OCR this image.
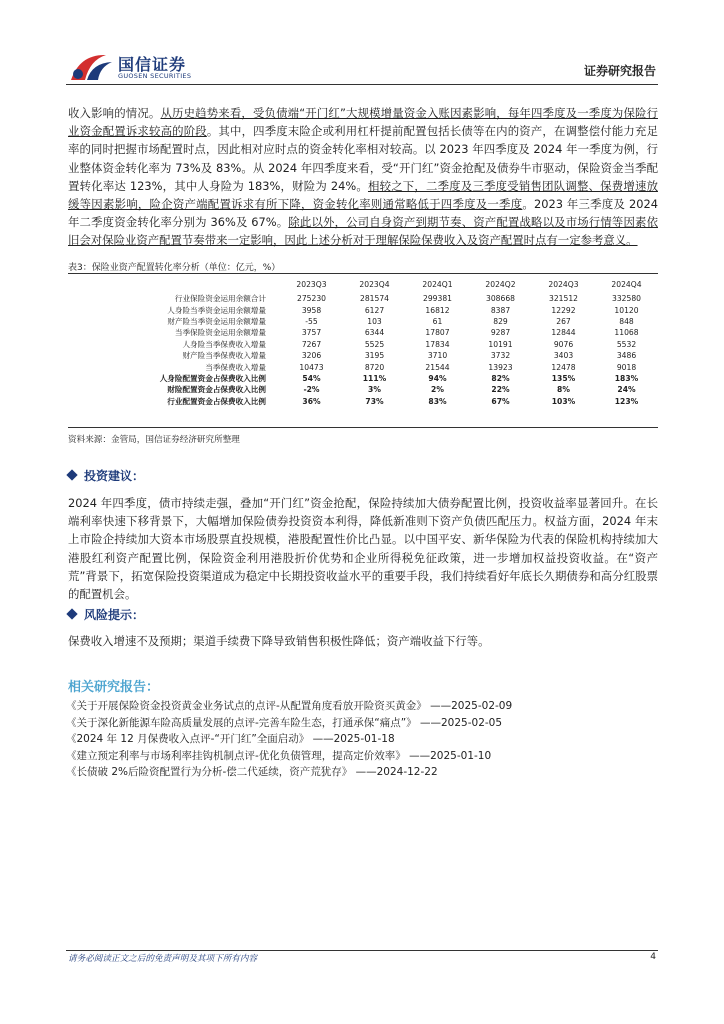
国信证券
GUOSEN SECURITIES	证券研究报告
收入影响的情况。从历史趋势来看，受负债端“开门红”大规模增量资金入账因素影响，每年四季度及一季度为保险行业资金配置诉求较高的阶段。其中，四季度末险企或利用杠杆提前配置包括长债等在内的资产，在调整偿付能力充足率的同时把握市场配置时点，因此相对应时点的资金转化率相对较高。以 2023 年四季度及 2024 年一季度为例，行业整体资金转化率为 73%及 83%。从 2024 年四季度来看，受“开门红”资金抢配及债券牛市驱动，保险资金当季配置转化率达 123%，其中人身险为 183%，财险为 24%。相较之下，二季度及三季度受销售团队调整、保费增速放缓等因素影响，险企资产端配置诉求有所下降，资金转化率则通常略低于四季度及一季度。2023 年三季度及 2024 年二季度资金转化率分别为 36%及 67%。除此以外，公司自身资产到期节奏、资产配置战略以及市场行情等因素依旧会对保险业资产配置节奏带来一定影响，因此上述分析对于理解保险保费收入及资产配置时点有一定参考意义。
表3：保险业资产配置转化率分析（单位：亿元，%）
	2023Q3	2023Q4	2024Q1	2024Q2	2024Q3	2024Q4
行业保险资金运用余额合计	275230	281574	299381	308668	321512	332580
人身险当季资金运用余额增量	3958	6127	16812	8387	12292	10120
财产险当季资金运用余额增量	-55	103	61	829	267	848
当季保险资金运用余额增量	3757	6344	17807	9287	12844	11068
人身险当季保费收入增量	7267	5525	17834	10191	9076	5532
财产险当季保费收入增量	3206	3195	3710	3732	3403	3486
当季保费收入增量	10473	8720	21544	13923	12478	9018
人身险配置资金占保费收入比例	54%	111%	94%	82%	135%	183%
财险配置资金占保费收入比例	-2%	3%	2%	22%	8%	24%
行业配置资金占保费收入比例	36%	73%	83%	67%	103%	123%
资料来源：金管局，国信证券经济研究所整理
投资建议：
2024 年四季度，债市持续走强，叠加“开门红”资金抢配，保险持续加大债券配置比例，投资收益率显著回升。在长端利率快速下移背景下，大幅增加保险债券投资资本利得，降低新准则下资产负债匹配压力。权益方面，2024 年末上市险企持续加大资本市场股票直投规模，港股配置性价比凸显。以中国平安、新华保险为代表的保险机构持续加大港股红利资产配置比例，保险资金利用港股折价优势和企业所得税免征政策，进一步增加权益投资收益。在“资产荒”背景下，拓宽保险投资渠道成为稳定中长期投资收益水平的重要手段，我们持续看好年底长久期债券和高分红股票的配置机会。
风险提示：
保费收入增速不及预期；渠道手续费下降导致销售积极性降低；资产端收益下行等。
相关研究报告：
《关于开展保险资金投资黄金业务试点的点评-从配置角度看放开险资买黄金》 ——2025-02-09
《关于深化新能源车险高质量发展的点评-完善车险生态，打通承保“痛点”》 ——2025-02-05
《2024 年 12 月保费收入点评-“开门红”全面启动》 ——2025-01-18
《建立预定利率与市场利率挂钩机制点评-优化负债管理，提高定价效率》 ——2025-01-10
《长债破 2%后险资配置行为分析-偿二代延续，资产荒犹存》 ——2024-12-22
请务必阅读正文之后的免责声明及其项下所有内容	4
